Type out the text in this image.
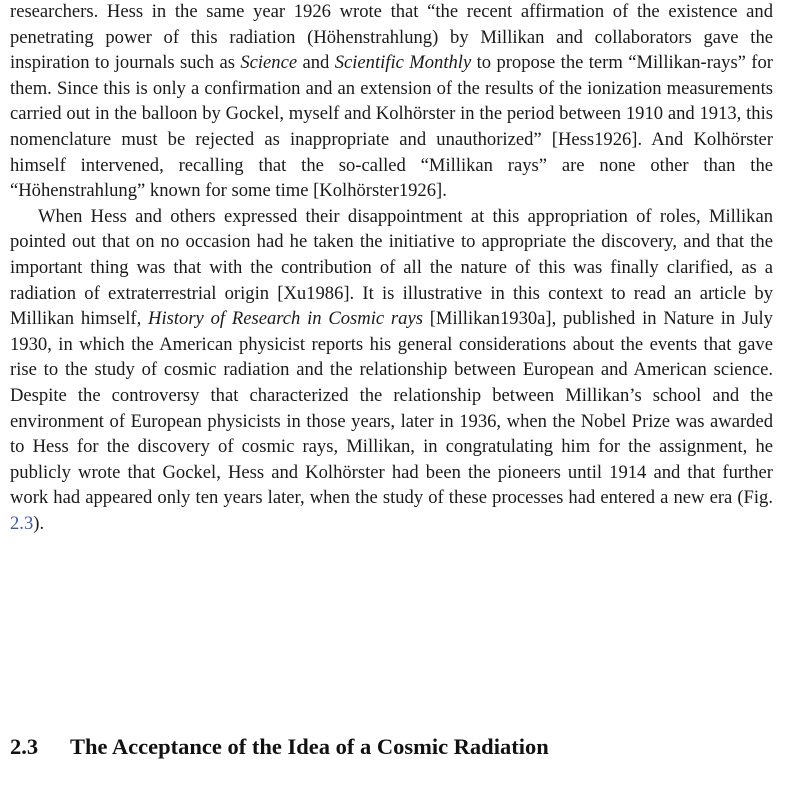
researchers. Hess in the same year 1926 wrote that “the recent affirmation of the existence and penetrating power of this radiation (Höhenstrahlung) by Millikan and collaborators gave the inspiration to journals such as Science and Scientific Monthly to propose the term “Millikan-rays” for them. Since this is only a confirmation and an extension of the results of the ionization measurements carried out in the balloon by Gockel, myself and Kolhörster in the period between 1910 and 1913, this nomenclature must be rejected as inappropriate and unauthorized” [Hess1926]. And Kolhörster himself intervened, recalling that the so-called “Millikan rays” are none other than the “Höhenstrahlung” known for some time [Kolhörster1926].

When Hess and others expressed their disappointment at this appropriation of roles, Millikan pointed out that on no occasion had he taken the initiative to appropriate the discovery, and that the important thing was that with the contribution of all the nature of this was finally clarified, as a radiation of extraterrestrial origin [Xu1986]. It is illustrative in this context to read an article by Millikan himself, History of Research in Cosmic rays [Millikan1930a], published in Nature in July 1930, in which the American physicist reports his general considerations about the events that gave rise to the study of cosmic radiation and the relationship between European and American science. Despite the controversy that characterized the relationship between Millikan’s school and the environment of European physicists in those years, later in 1936, when the Nobel Prize was awarded to Hess for the discovery of cosmic rays, Millikan, in congratulating him for the assignment, he publicly wrote that Gockel, Hess and Kolhörster had been the pioneers until 1914 and that further work had appeared only ten years later, when the study of these processes had entered a new era (Fig. 2.3).

2.3 The Acceptance of the Idea of a Cosmic Radiation
